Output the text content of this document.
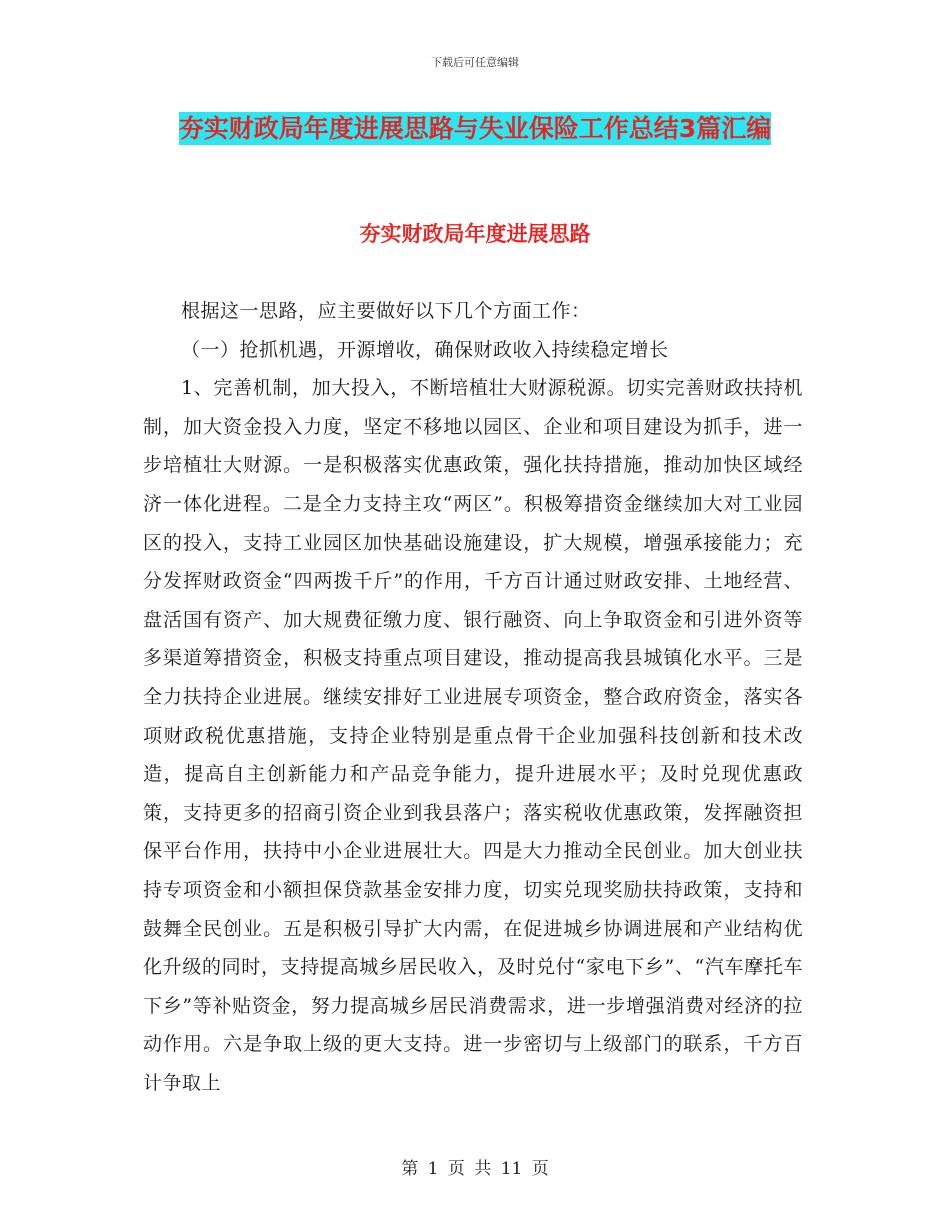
下载后可任意编辑
夯实财政局年度进展思路与失业保险工作总结3篇汇编
夯实财政局年度进展思路

根据这一思路，应主要做好以下几个方面工作：

（一）抢抓机遇，开源增收，确保财政收入持续稳定增长

1、完善机制，加大投入，不断培植壮大财源税源。切实完善财政扶持机制，加大资金投入力度，坚定不移地以园区、企业和项目建设为抓手，进一步培植壮大财源。一是积极落实优惠政策，强化扶持措施，推动加快区域经济一体化进程。二是全力支持主攻“两区”。积极筹措资金继续加大对工业园区的投入，支持工业园区加快基础设施建设，扩大规模，增强承接能力；充分发挥财政资金“四两拨千斤”的作用，千方百计通过财政安排、土地经营、盘活国有资产、加大规费征缴力度、银行融资、向上争取资金和引进外资等多渠道筹措资金，积极支持重点项目建设，推动提高我县城镇化水平。三是全力扶持企业进展。继续安排好工业进展专项资金，整合政府资金，落实各项财政税优惠措施，支持企业特别是重点骨干企业加强科技创新和技术改造，提高自主创新能力和产品竞争能力，提升进展水平；及时兑现优惠政策，支持更多的招商引资企业到我县落户；落实税收优惠政策，发挥融资担保平台作用，扶持中小企业进展壮大。四是大力推动全民创业。加大创业扶持专项资金和小额担保贷款基金安排力度，切实兑现奖励扶持政策，支持和鼓舞全民创业。五是积极引导扩大内需，在促进城乡协调进展和产业结构优化升级的同时，支持提高城乡居民收入，及时兑付“家电下乡”、“汽车摩托车下乡”等补贴资金，努力提高城乡居民消费需求，进一步增强消费对经济的拉动作用。六是争取上级的更大支持。进一步密切与上级部门的联系，千方百计争取上

第 1 页 共 11 页
